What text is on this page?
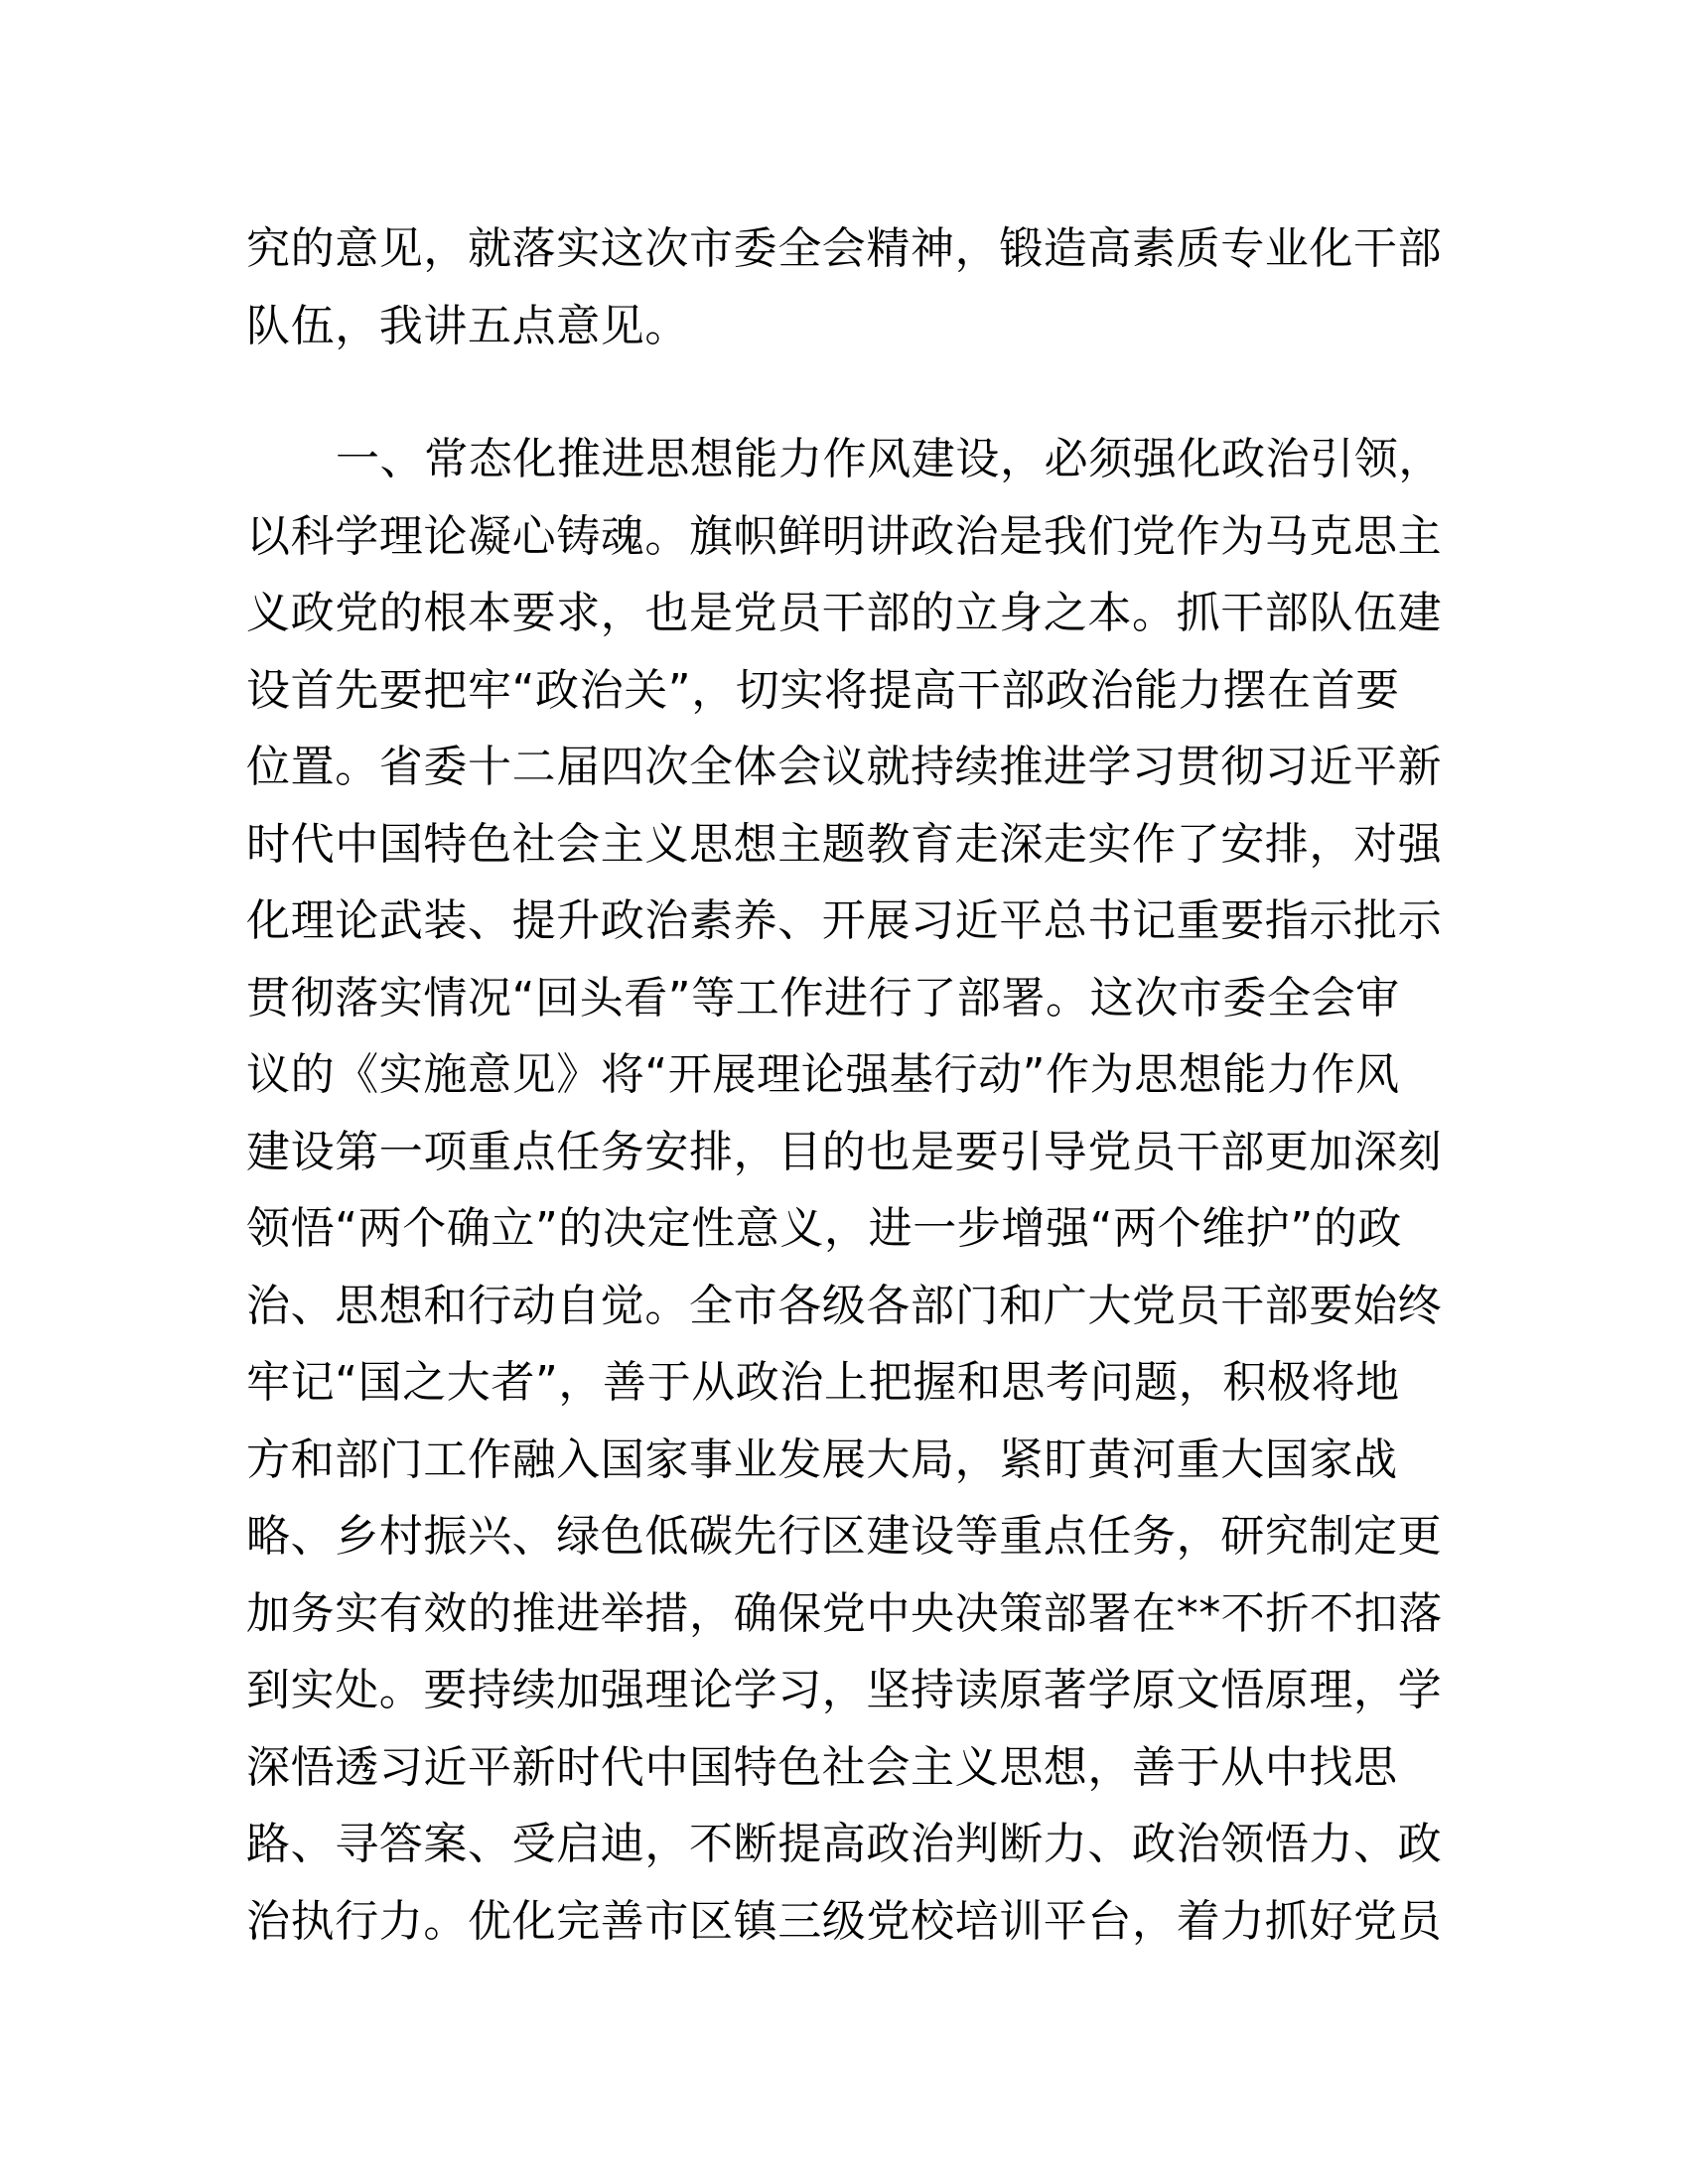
究的意见，就落实这次市委全会精神，锻造高素质专业化干部
队伍，我讲五点意见。
一、常态化推进思想能力作风建设，必须强化政治引领，
以科学理论凝心铸魂。旗帜鲜明讲政治是我们党作为马克思主
义政党的根本要求，也是党员干部的立身之本。抓干部队伍建
设首先要把牢“政治关”，切实将提高干部政治能力摆在首要
位置。省委十二届四次全体会议就持续推进学习贯彻习近平新
时代中国特色社会主义思想主题教育走深走实作了安排，对强
化理论武装、提升政治素养、开展习近平总书记重要指示批示
贯彻落实情况“回头看”等工作进行了部署。这次市委全会审
议的《实施意见》将“开展理论强基行动”作为思想能力作风
建设第一项重点任务安排，目的也是要引导党员干部更加深刻
领悟“两个确立”的决定性意义，进一步增强“两个维护”的政
治、思想和行动自觉。全市各级各部门和广大党员干部要始终
牢记“国之大者”，善于从政治上把握和思考问题，积极将地
方和部门工作融入国家事业发展大局，紧盯黄河重大国家战
略、乡村振兴、绿色低碳先行区建设等重点任务，研究制定更
加务实有效的推进举措，确保党中央决策部署在**不折不扣落
到实处。要持续加强理论学习，坚持读原著学原文悟原理，学
深悟透习近平新时代中国特色社会主义思想，善于从中找思
路、寻答案、受启迪，不断提高政治判断力、政治领悟力、政
治执行力。优化完善市区镇三级党校培训平台，着力抓好党员
